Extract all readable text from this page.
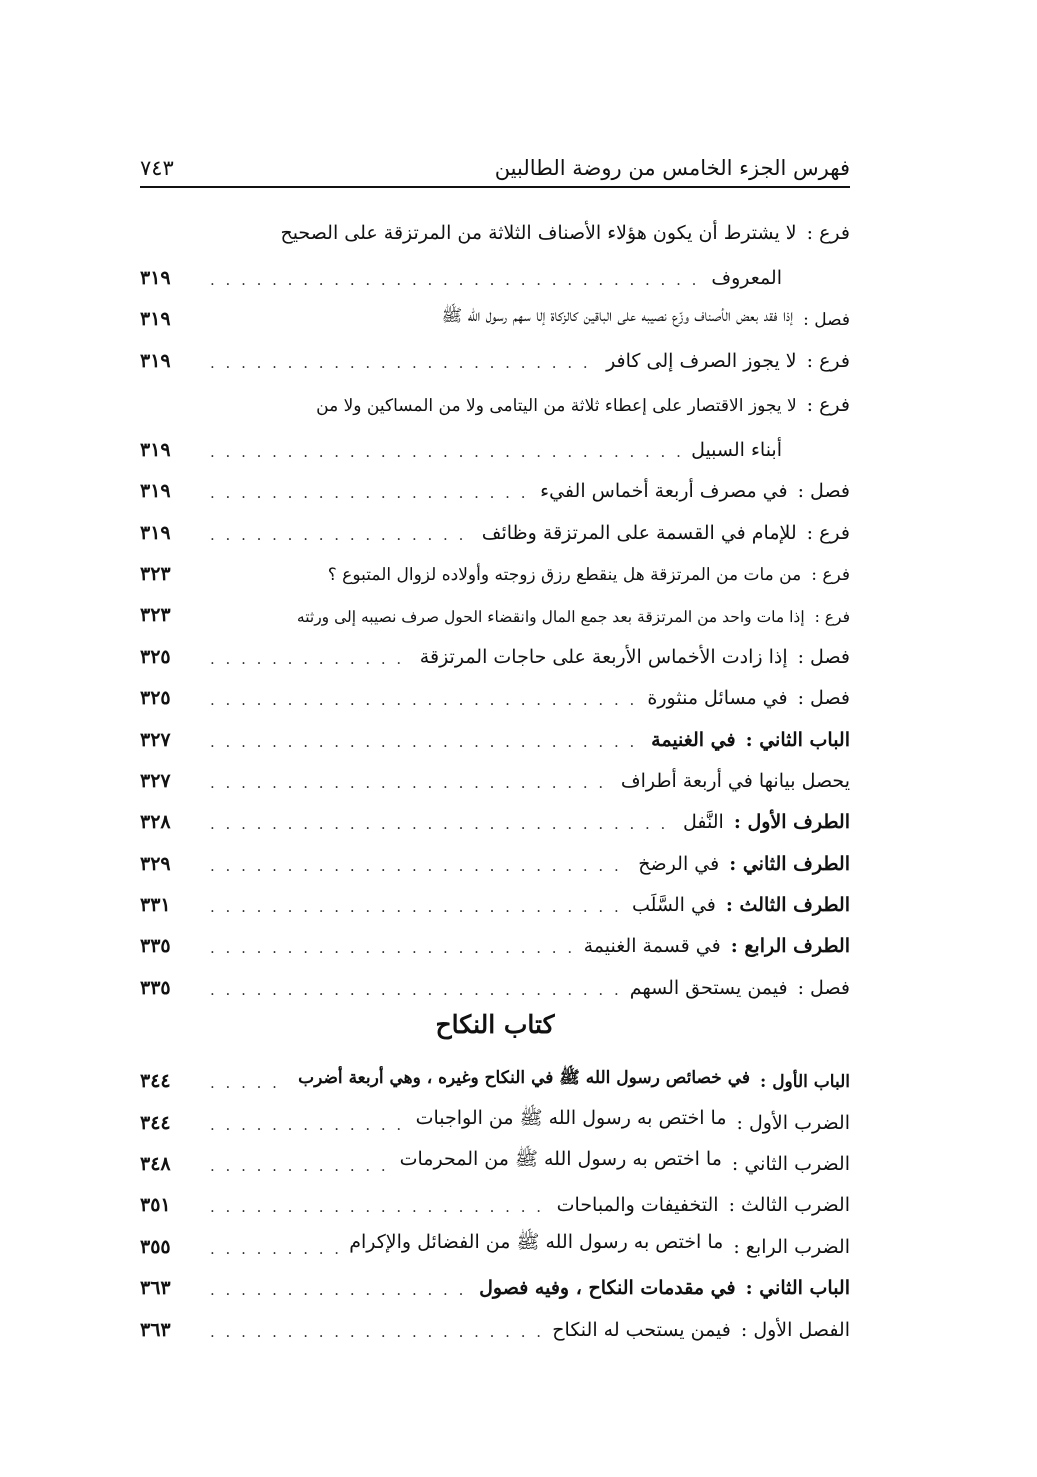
فهرس الجزء الخامس من روضة الطالبين
٧٤٣
فرع :
لا يشترط أن يكون هؤلاء الأصناف الثلاثة من المرتزقة على الصحيح
المعروف
. . .
٣١٩
فصل :
إذا فقد بعض الأصناف وزّع نصيبه على الباقين كالزكاة إلا سهم رسول الله ﷺ
٣١٩
فرع :
لا يجوز الصرف إلى كافر
. . .
٣١٩
فرع :
لا يجوز الاقتصار على إعطاء ثلاثة من اليتامى ولا من المساكين ولا من
أبناء السبيل
. . .
٣١٩
فصل :
في مصرف أربعة أخماس الفيء
. . .
٣١٩
فرع :
للإمام في القسمة على المرتزقة وظائف
. . .
٣١٩
فرع :
من مات من المرتزقة هل ينقطع رزق زوجته وأولاده لزوال المتبوع ؟
٣٢٣
فرع :
إذا مات واحد من المرتزقة بعد جمع المال وانقضاء الحول صرف نصيبه إلى ورثته
٣٢٣
فصل :
إذا زادت الأخماس الأربعة على حاجات المرتزقة
. . .
٣٢٥
فصل :
في مسائل منثورة
. . .
٣٢٥
الباب الثاني :
في الغنيمة
. . .
٣٢٧
يحصل بيانها في أربعة أطراف
. . .
٣٢٧
الطرف الأول :
النَّفل
. . .
٣٢٨
الطرف الثاني :
في الرضخ
. . .
٣٢٩
الطرف الثالث :
في السَّلَب
. . .
٣٣١
الطرف الرابع :
في قسمة الغنيمة
. . .
٣٣٥
فصل :
فيمن يستحق السهم
. . .
٣٣٥
كتاب النكاح
الباب الأول :
في خصائص رسول الله ﷺ في النكاح وغيره ، وهي أربعة أضرب
. . .
٣٤٤
الضرب الأول :
ما اختص به رسول الله ﷺ من الواجبات
. . .
٣٤٤
الضرب الثاني :
ما اختص به رسول الله ﷺ من المحرمات
. . .
٣٤٨
الضرب الثالث :
التخفيفات والمباحات
. . .
٣٥١
الضرب الرابع :
ما اختص به رسول الله ﷺ من الفضائل والإكرام
. . .
٣٥٥
الباب الثاني :
في مقدمات النكاح ، وفيه فصول
. . .
٣٦٣
الفصل الأول :
فيمن يستحب له النكاح
. . .
٣٦٣
